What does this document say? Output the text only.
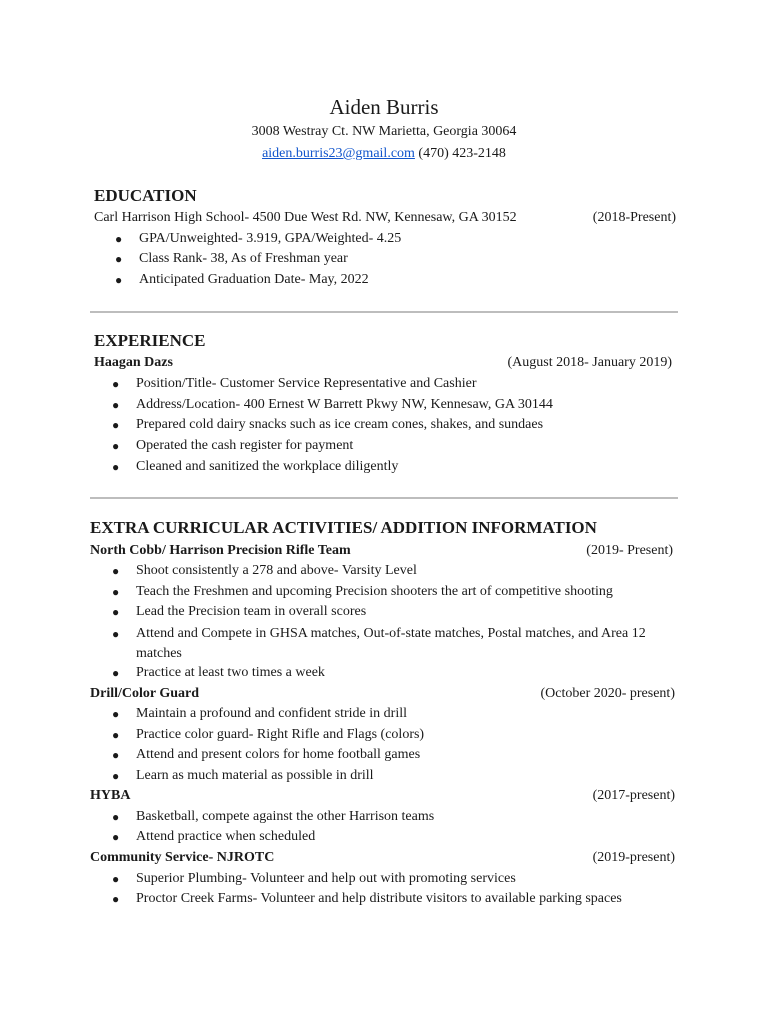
Aiden Burris
3008 Westray Ct. NW Marietta, Georgia 30064
aiden.burris23@gmail.com (470) 423-2148
EDUCATION
Carl Harrison High School- 4500 Due West Rd. NW, Kennesaw, GA 30152	(2018-Present)
● GPA/Unweighted- 3.919, GPA/Weighted- 4.25
● Class Rank- 38, As of Freshman year
● Anticipated Graduation Date- May, 2022
EXPERIENCE
Haagan Dazs	(August 2018- January 2019)
● Position/Title- Customer Service Representative and Cashier
● Address/Location- 400 Ernest W Barrett Pkwy NW, Kennesaw, GA 30144
● Prepared cold dairy snacks such as ice cream cones, shakes, and sundaes
● Operated the cash register for payment
● Cleaned and sanitized the workplace diligently
EXTRA CURRICULAR ACTIVITIES/ ADDITION INFORMATION
North Cobb/ Harrison Precision Rifle Team	(2019- Present)
● Shoot consistently a 278 and above- Varsity Level
● Teach the Freshmen and upcoming Precision shooters the art of competitive shooting
● Lead the Precision team in overall scores
● Attend and Compete in GHSA matches, Out-of-state matches, Postal matches, and Area 12 matches
● Practice at least two times a week
Drill/Color Guard	(October 2020- present)
● Maintain a profound and confident stride in drill
● Practice color guard- Right Rifle and Flags (colors)
● Attend and present colors for home football games
● Learn as much material as possible in drill
HYBA	(2017-present)
● Basketball, compete against the other Harrison teams
● Attend practice when scheduled
Community Service- NJROTC	(2019-present)
● Superior Plumbing- Volunteer and help out with promoting services
● Proctor Creek Farms- Volunteer and help distribute visitors to available parking spaces
